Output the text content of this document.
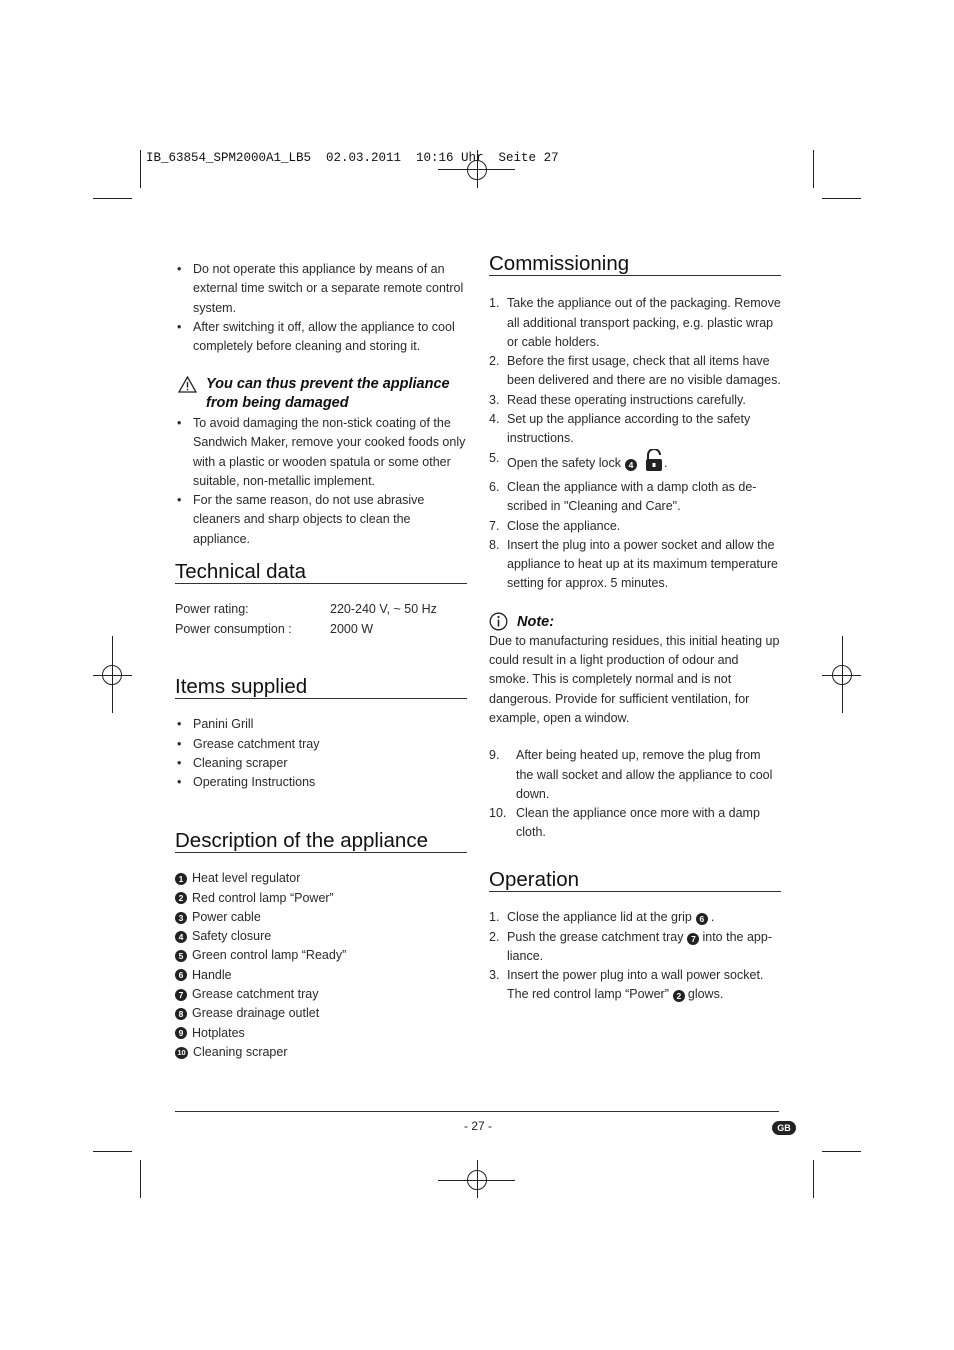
IB_63854_SPM2000A1_LB5  02.03.2011  10:16 Uhr  Seite 27
• Do not operate this appliance by means of an external time switch or a separate remote control system.
• After switching it off, allow the appliance to cool completely before cleaning and storing it.
You can thus prevent the appliance from being damaged
• To avoid damaging the non-stick coating of the Sandwich Maker, remove your cooked foods only with a plastic or wooden spatula or some other suitable, non-metallic implement.
• For the same reason, do not use abrasive cleaners and sharp objects to clean the appliance.
Technical data
Power rating:	220-240 V, ~ 50 Hz
Power consumption :	2000 W
Items supplied
• Panini Grill
• Grease catchment tray
• Cleaning scraper
• Operating Instructions
Description of the appliance
1 Heat level regulator
2 Red control lamp “Power”
3 Power cable
4 Safety closure
5 Green control lamp “Ready”
6 Handle
7 Grease catchment tray
8 Grease drainage outlet
9 Hotplates
10 Cleaning scraper
Commissioning
1. Take the appliance out of the packaging. Remove all additional transport packing, e.g. plastic wrap or cable holders.
2. Before the first usage, check that all items have been delivered and there are no visible damages.
3. Read these operating instructions carefully.
4. Set up the appliance according to the safety instructions.
5. Open the safety lock 4 .
6. Clean the appliance with a damp cloth as de-scribed in "Cleaning and Care".
7. Close the appliance.
8. Insert the plug into a power socket and allow the appliance to heat up at its maximum temperature setting for approx. 5 minutes.
Note:
Due to manufacturing residues, this initial heating up could result in a light production of odour and smoke. This is completely normal and is not dangerous. Provide for sufficient ventilation, for example, open a window.
9. After being heated up, remove the plug from the wall socket and allow the appliance to cool down.
10. Clean the appliance once more with a damp cloth.
Operation
1. Close the appliance lid at the grip 6 .
2. Push the grease catchment tray 7 into the app-liance.
3. Insert the power plug into a wall power socket. The red control lamp “Power” 2 glows.
- 27 -	GB
